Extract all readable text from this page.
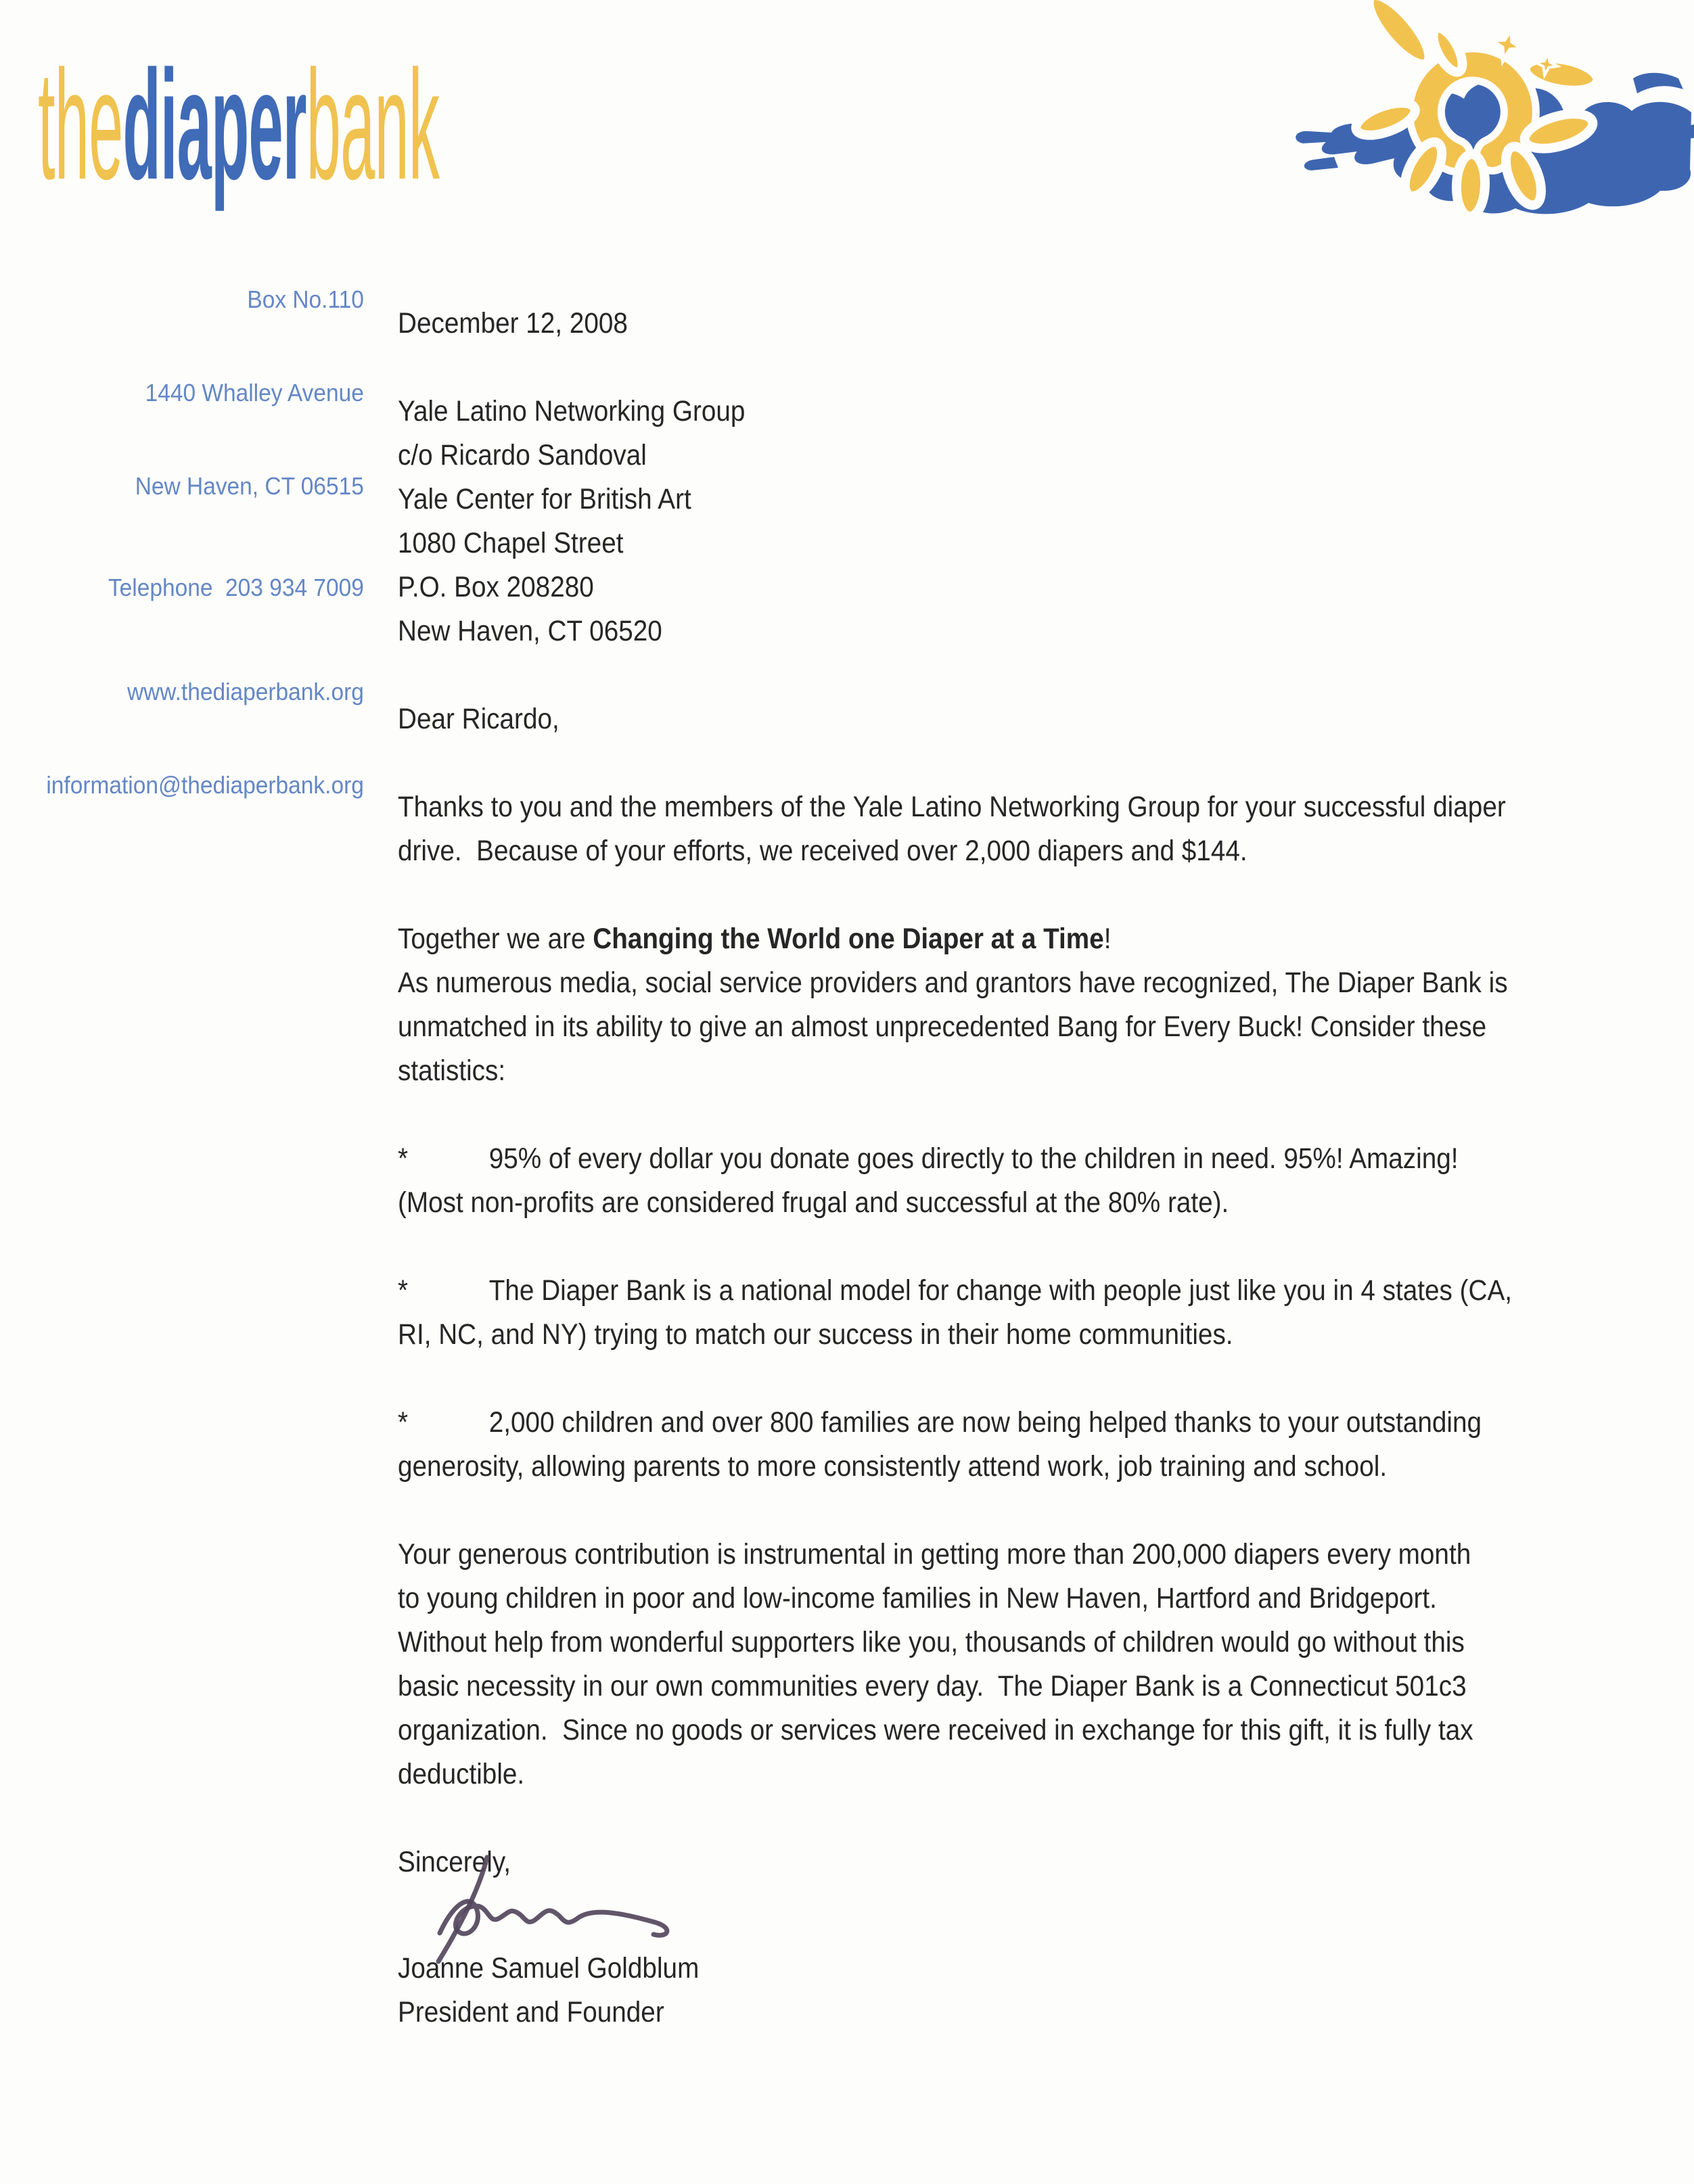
thediaperbank

Box No.110

1440 Whalley Avenue

New Haven, CT 06515

Telephone  203 934 7009

www.thediaperbank.org

information@thediaperbank.org

December 12, 2008
Yale Latino Networking Group
c/o Ricardo Sandoval
Yale Center for British Art
1080 Chapel Street
P.O. Box 208280
New Haven, CT 06520
Dear Ricardo,
Thanks to you and the members of the Yale Latino Networking Group for your successful diaper
drive.  Because of your efforts, we received over 2,000 diapers and $144.
Together we are Changing the World one Diaper at a Time!
As numerous media, social service providers and grantors have recognized, The Diaper Bank is
unmatched in its ability to give an almost unprecedented Bang for Every Buck! Consider these
statistics:
*	95% of every dollar you donate goes directly to the children in need. 95%! Amazing!
(Most non-profits are considered frugal and successful at the 80% rate).
*	The Diaper Bank is a national model for change with people just like you in 4 states (CA,
RI, NC, and NY) trying to match our success in their home communities.
*	2,000 children and over 800 families are now being helped thanks to your outstanding
generosity, allowing parents to more consistently attend work, job training and school.
Your generous contribution is instrumental in getting more than 200,000 diapers every month
to young children in poor and low-income families in New Haven, Hartford and Bridgeport.
Without help from wonderful supporters like you, thousands of children would go without this
basic necessity in our own communities every day.  The Diaper Bank is a Connecticut 501c3
organization.  Since no goods or services were received in exchange for this gift, it is fully tax
deductible.
Sincerely,
Joanne Samuel Goldblum
President and Founder
